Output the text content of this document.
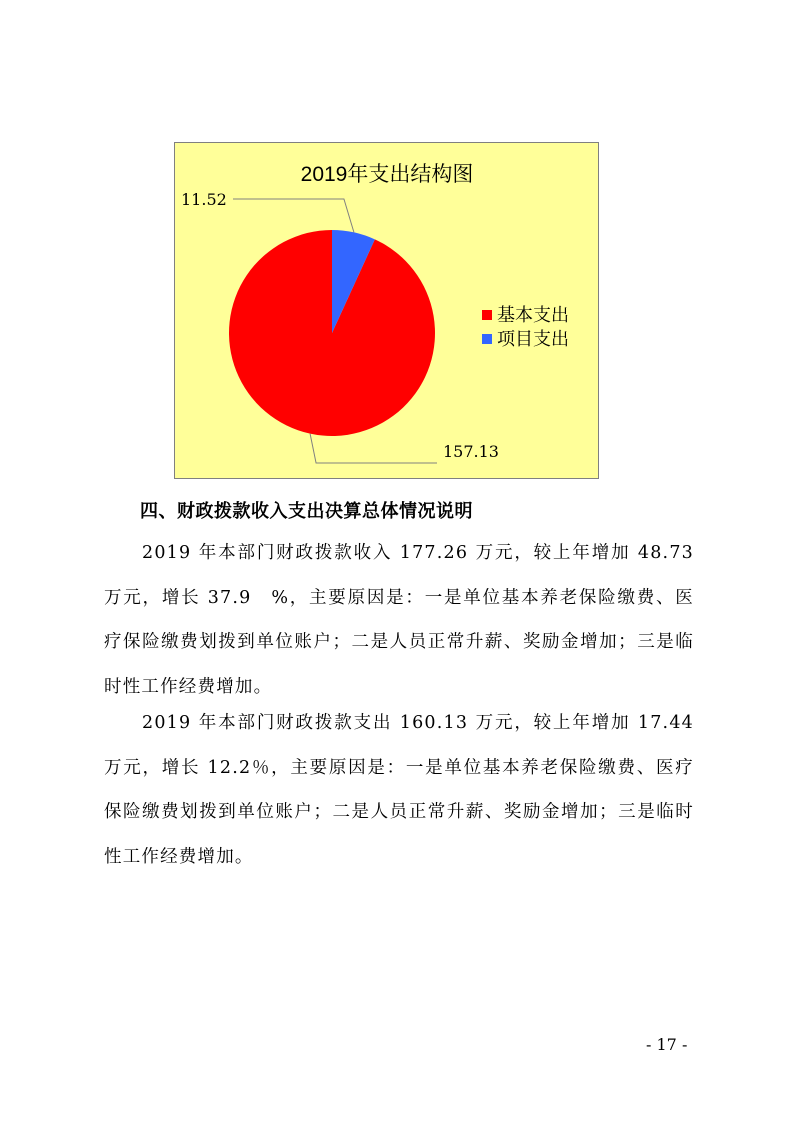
2019年支出结构图
157.13
11.52
基本支出
项目支出
四、财政拨款收入支出决算总体情况说明

2019 年本部门财政拨款收入 177.26 万元，较上年增加 48.73 万元，增长 37.9　%，主要原因是：一是单位基本养老保险缴费、医疗保险缴费划拨到单位账户；二是人员正常升薪、奖励金增加；三是临时性工作经费增加。

2019 年本部门财政拨款支出 160.13 万元，较上年增加 17.44万元，增长 12.2％，主要原因是：一是单位基本养老保险缴费、医疗保险缴费划拨到单位账户；二是人员正常升薪、奖励金增加；三是临时性工作经费增加。

- 17 -
